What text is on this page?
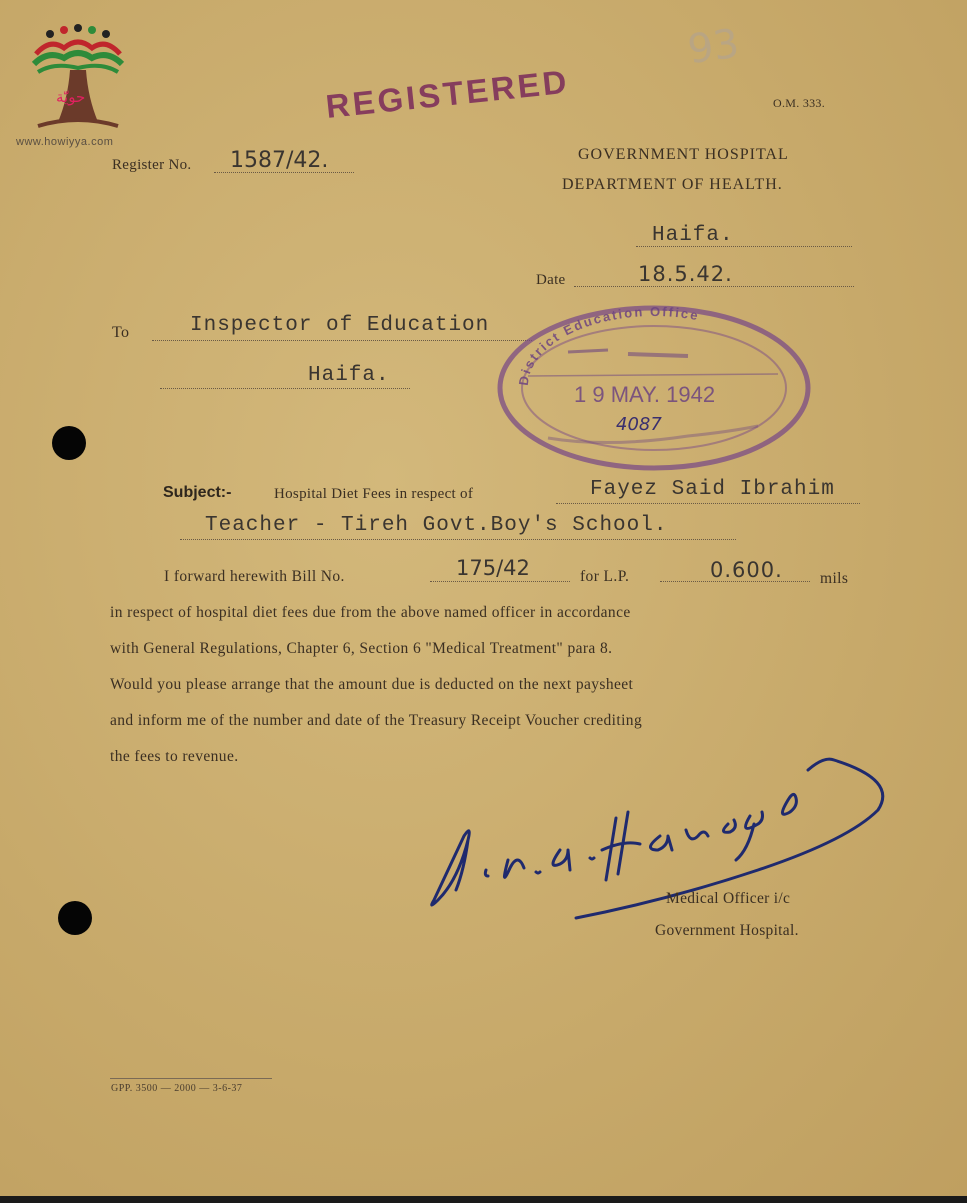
حويّة
www.howiyya.com
93
REGISTERED	O.M. 333.
Register No. 1587/42.	GOVERNMENT HOSPITAL
DEPARTMENT OF HEALTH.
Haifa.
Date	18.5.42.
To	Inspector of Education
Haifa.	District Education Office
1 9 MAY. 1942
4087
Subject:-	Hospital Diet Fees in respect of	Fayez Said Ibrahim
Teacher - Tireh Govt.Boy's School.
I forward herewith Bill No.	175/42	for L.P.	0.600. mils
in respect of hospital diet fees due from the above named officer in accordance
with General Regulations, Chapter 6, Section 6 "Medical Treatment" para 8.
Would you please arrange that the amount due is deducted on the next paysheet
and inform me of the number and date of the Treasury Receipt Voucher crediting
the fees to revenue.
Medical Officer i/c
Government Hospital.
GPP. 3500 — 2000 — 3-6-37
